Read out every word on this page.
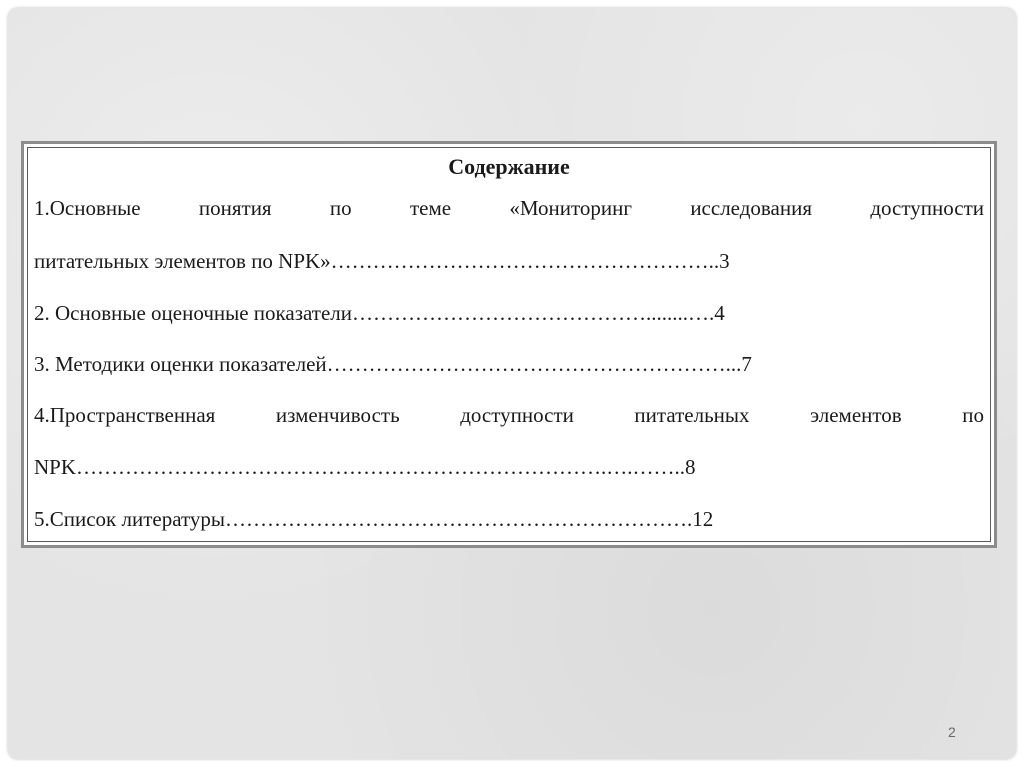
Содержание
1.Основные понятия по теме «Мониторинг исследования доступности
питательных элементов по NPK»………………………………………………..3
2. Основные оценочные показатели……………………………………........….4
3. Методики оценки показателей…………………………………………………...7
4.Пространственная изменчивость доступности питательных элементов по
NPK………………………………………………………………….….……..8
5.Список литературы………………………………………………………….12
2
